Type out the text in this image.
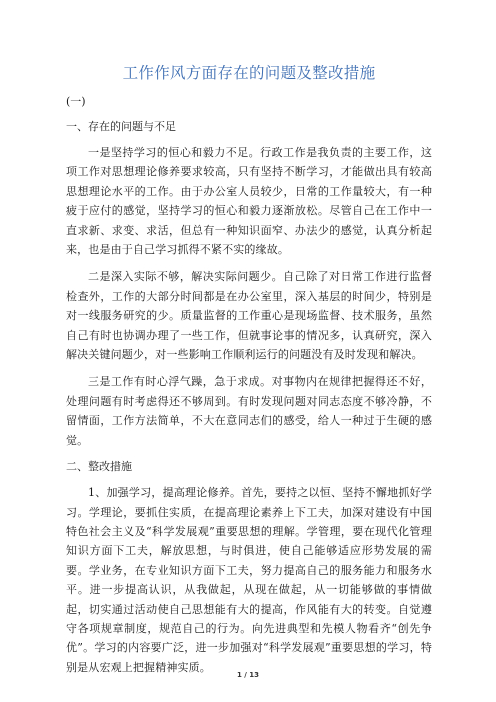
工作作风方面存在的问题及整改措施
(一)
一、存在的问题与不足

一是坚持学习的恒心和毅力不足。行政工作是我负责的主要工作，这项工作对思想理论修养要求较高，只有坚持不断学习，才能做出具有较高思想理论水平的工作。由于办公室人员较少，日常的工作量较大，有一种疲于应付的感觉，坚持学习的恒心和毅力逐渐放松。尽管自己在工作中一直求新、求变、求活，但总有一种知识面窄、办法少的感觉，认真分析起来，也是由于自己学习抓得不紧不实的缘故。

二是深入实际不够，解决实际问题少。自己除了对日常工作进行监督检查外，工作的大部分时间都是在办公室里，深入基层的时间少，特别是对一线服务研究的少。质量监督的工作重心是现场监督、技术服务，虽然自己有时也协调办理了一些工作，但就事论事的情况多，认真研究，深入解决关键问题少，对一些影响工作顺利运行的问题没有及时发现和解决。

三是工作有时心浮气躁，急于求成。对事物内在规律把握得还不好，处理问题有时考虑得还不够周到。有时发现问题对同志态度不够冷静，不留情面，工作方法简单，不大在意同志们的感受，给人一种过于生硬的感觉。

二、整改措施

1、加强学习，提高理论修养。首先，要持之以恒、坚持不懈地抓好学习。学理论，要抓住实质，在提高理论素养上下工夫，加深对建设有中国特色社会主义及“科学发展观”重要思想的理解。学管理，要在现代化管理知识方面下工夫，解放思想，与时俱进，使自己能够适应形势发展的需要。学业务，在专业知识方面下工夫，努力提高自己的服务能力和服务水平。进一步提高认识，从我做起，从现在做起，从一切能够做的事情做起，切实通过活动使自己思想能有大的提高，作风能有大的转变。自觉遵守各项规章制度，规范自己的行为。向先进典型和先模人物看齐“创先争优”。学习的内容要广泛，进一步加强对“科学发展观”重要思想的学习，特别是从宏观上把握精神实质。

1 / 13
